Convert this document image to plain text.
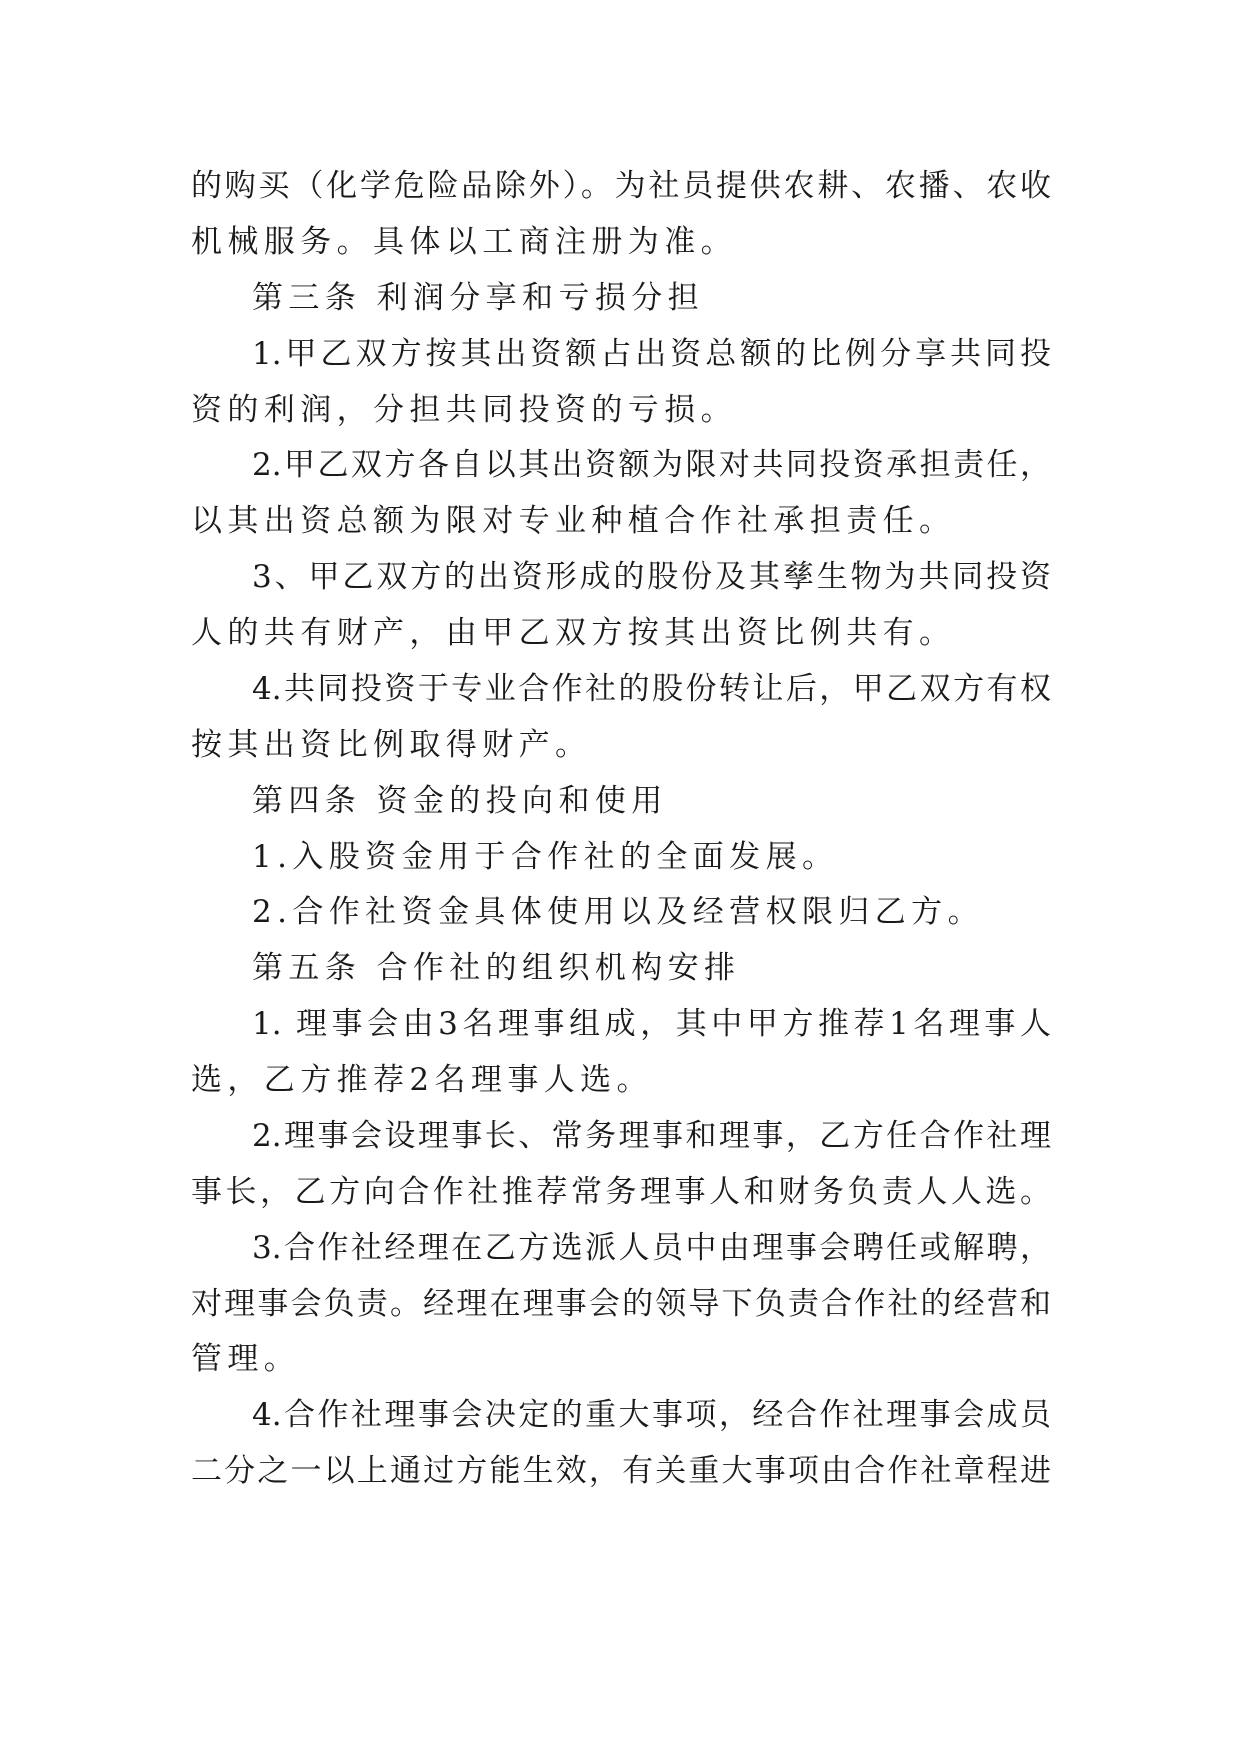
的购买（化学危险品除外）。为社员提供农耕、农播、农收
机械服务。具体以工商注册为准。
第三条 利润分享和亏损分担
1.甲乙双方按其出资额占出资总额的比例分享共同投
资的利润，分担共同投资的亏损。
2.甲乙双方各自以其出资额为限对共同投资承担责任，
以其出资总额为限对专业种植合作社承担责任。
3、甲乙双方的出资形成的股份及其孳生物为共同投资
人的共有财产，由甲乙双方按其出资比例共有。
4.共同投资于专业合作社的股份转让后，甲乙双方有权
按其出资比例取得财产。
第四条 资金的投向和使用
1.入股资金用于合作社的全面发展。
2.合作社资金具体使用以及经营权限归乙方。
第五条 合作社的组织机构安排
1. 理事会由3名理事组成，其中甲方推荐1名理事人
选，乙方推荐2名理事人选。
2.理事会设理事长、常务理事和理事，乙方任合作社理
事长，乙方向合作社推荐常务理事人和财务负责人人选。
3.合作社经理在乙方选派人员中由理事会聘任或解聘，
对理事会负责。经理在理事会的领导下负责合作社的经营和
管理。
4.合作社理事会决定的重大事项，经合作社理事会成员
二分之一以上通过方能生效，有关重大事项由合作社章程进
